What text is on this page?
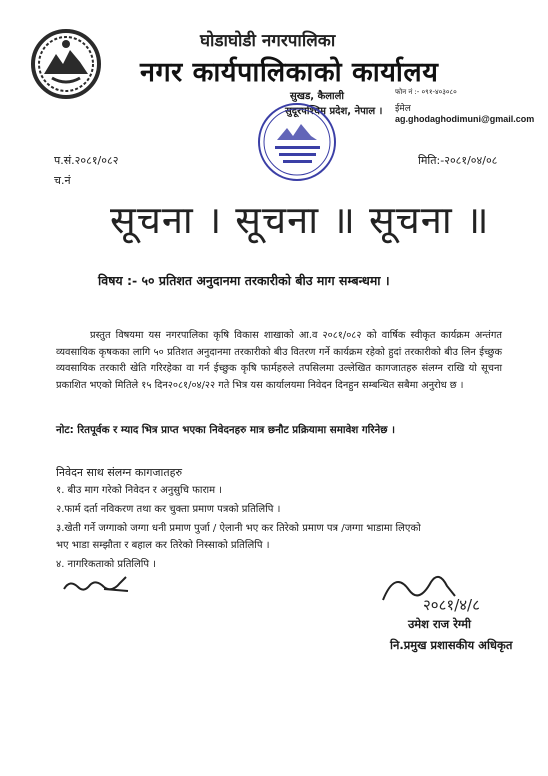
घोडाघोडी नगरपालिका
नगर कार्यपालिकाको कार्यालय
सुखड, कैलाली
सुदूरपश्चिम प्रदेश, नेपाल ।
फोन नं :- ०९१-४०३०८०
ईमेल ag.ghodaghodimuni@gmail.com
प.सं.२०८१/०८२
च.नं
मिति:-२०८१/०४/०८
सूचना । सूचना ॥ सूचना ॥
विषय :- ५० प्रतिशत अनुदानमा तरकारीको बीउ माग सम्बन्धमा ।
प्रस्तुत विषयमा यस नगरपालिका कृषि विकास शाखाको आ.व २०८१/०८२ को वार्षिक स्वीकृत कार्यक्रम अन्तंगत व्यवसायिक कृषकका लागि ५० प्रतिशत अनुदानमा तरकारीको बीउ वितरण गर्ने कार्यक्रम रहेको हुदां तरकारीको बीउ लिन ईच्छुक व्यवसायिक तरकारी खेति गरिरहेका वा गर्न ईच्छुक कृषि फार्महरुले तपसिलमा उल्लेखित कागजातहरु संलग्न राखि यो सूचना प्रकाशित भएको मितिले १५ दिन२०८१/०४/२२ गते भित्र यस कार्यालयमा निवेदन दिनहुन सम्बन्धित सबैमा अनुरोध छ ।
नोट: रितपूर्वक र म्याद भित्र प्राप्त भएका निवेदनहरु मात्र छनौट प्रक्रियामा समावेश गरिनेछ ।
निवेदन साथ संलग्न कागजातहरु
१. बीउ माग गरेको निवेदन र अनुसुचि फाराम ।
२.फार्म दर्ता नविकरण तथा कर चुक्ता प्रमाण पत्रको प्रतिलिपि ।
३.खेती गर्ने जग्गाको जग्गा धनी प्रमाण पुर्जा / ऐलानी भए कर तिरेको प्रमाण पत्र /जग्गा भाडामा लिएको
भए भाडा सम्झौता र बहाल कर तिरेको निस्साको प्रतिलिपि ।
४. नागरिकताको प्रतिलिपि ।
२०८१/४/८
उमेश राज रेग्मी
नि.प्रमुख प्रशासकीय अधिकृत
